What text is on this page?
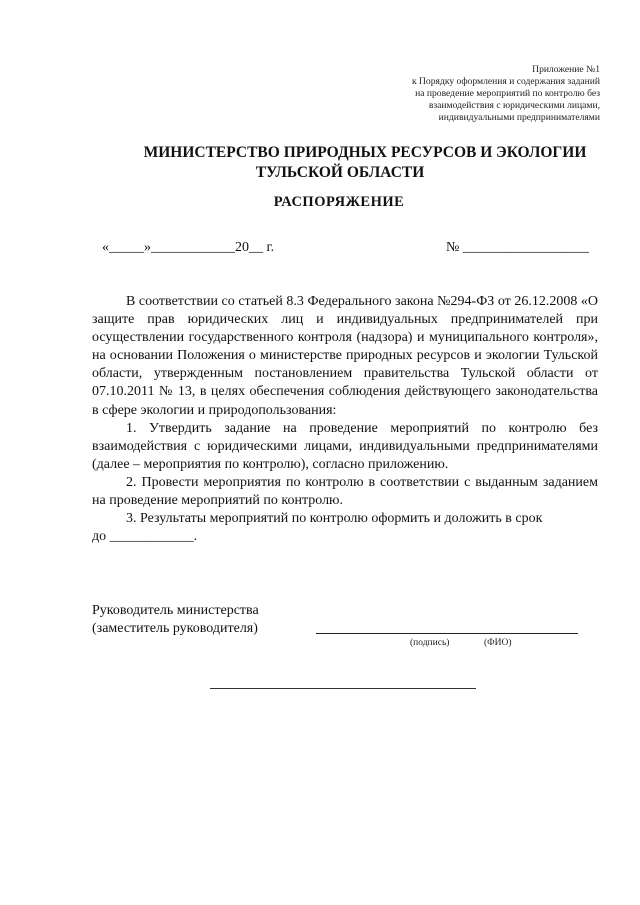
Приложение №1
к Порядку оформления и содержания заданий
на проведение мероприятий по контролю без
взаимодействия с юридическими лицами,
индивидуальными предпринимателями
МИНИСТЕРСТВО ПРИРОДНЫХ РЕСУРСОВ И ЭКОЛОГИИ
ТУЛЬСКОЙ ОБЛАСТИ
РАСПОРЯЖЕНИЕ
«_____»____________20__ г.	№ __________________

В соответствии со статьей 8.3 Федерального закона №294-ФЗ от 26.12.2008 «О защите прав юридических лиц и индивидуальных предпринимателей при осуществлении государственного контроля (надзора) и муниципального контроля», на основании Положения о министерстве природных ресурсов и экологии Тульской области, утвержденным постановлением правительства Тульской области от 07.10.2011 № 13, в целях обеспечения соблюдения действующего законодательства в сфере экологии и природопользования:

1. Утвердить задание на проведение мероприятий по контролю без взаимодействия с юридическими лицами, индивидуальными предпринимателями (далее – мероприятия по контролю), согласно приложению.

2. Провести мероприятия по контролю в соответствии с выданным заданием на проведение мероприятий по контролю.

3. Результаты мероприятий по контролю оформить и доложить в срок

до ____________.

Руководитель министерства
(заместитель руководителя)
(подпись)	(ФИО)
